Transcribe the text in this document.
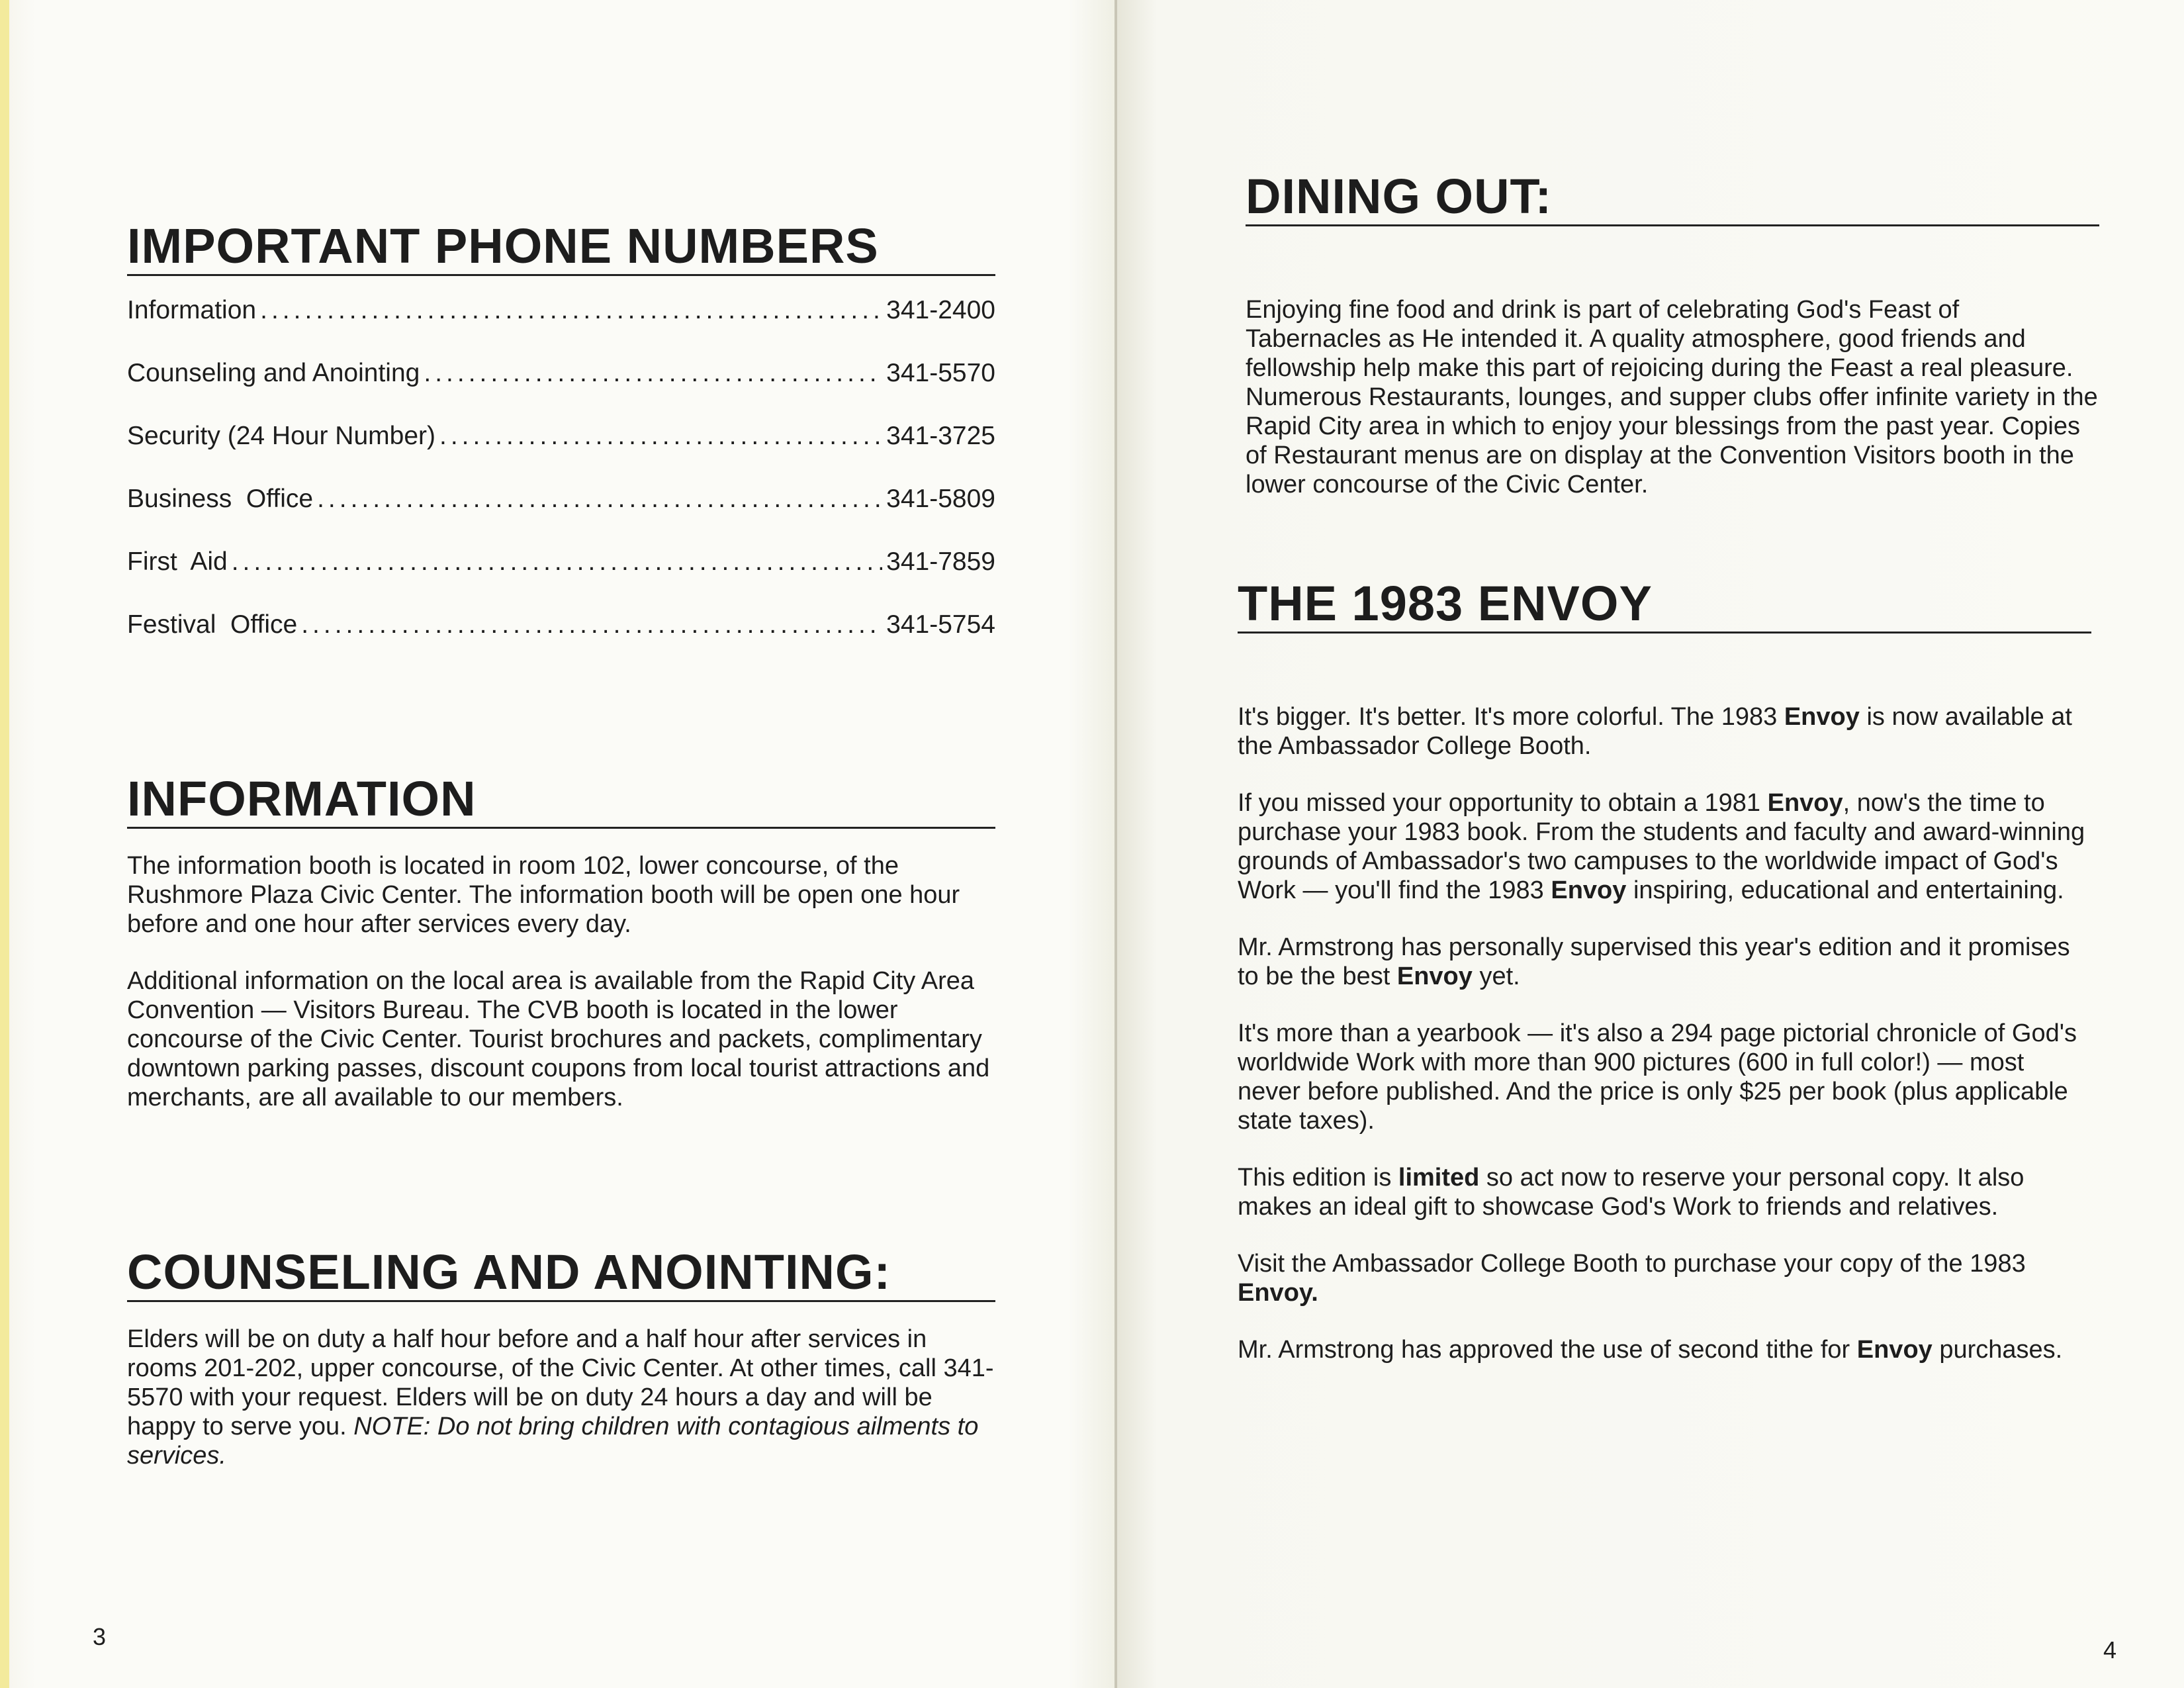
IMPORTANT PHONE NUMBERS
Information .....	341-2400
Counseling and Anointing .....	341-5570
Security (24 Hour Number) .....	341-3725
Business  Office .....	341-5809
First  Aid .....	341-7859
Festival  Office .....	341-5754
INFORMATION

The information booth is located in room 102, lower concourse, of the Rushmore Plaza Civic Center. The information booth will be open one hour before and one hour after services every day.

Additional information on the local area is available from the Rapid City Area Convention — Visitors Bureau. The CVB booth is located in the lower concourse of the Civic Center. Tourist brochures and packets, complimentary downtown parking passes, discount coupons from local tourist attractions and merchants, are all available to our members.

COUNSELING AND ANOINTING:

Elders will be on duty a half hour before and a half hour after services in rooms 201-202, upper concourse, of the Civic Center. At other times, call 341-5570 with your request. Elders will be on duty 24 hours a day and will be happy to serve you. NOTE: Do not bring children with contagious ailments to services.

3
DINING OUT:

Enjoying fine food and drink is part of celebrating God's Feast of Tabernacles as He intended it. A quality atmosphere, good friends and fellowship help make this part of rejoicing during the Feast a real pleasure. Numerous Restaurants, lounges, and supper clubs offer infinite variety in the Rapid City area in which to enjoy your blessings from the past year. Copies of Restaurant menus are on display at the Convention Visitors booth in the lower concourse of the Civic Center.

THE 1983 ENVOY

It's bigger. It's better. It's more colorful. The 1983 Envoy is now available at the Ambassador College Booth.

If you missed your opportunity to obtain a 1981 Envoy, now's the time to purchase your 1983 book. From the students and faculty and award-winning grounds of Ambassador's two campuses to the worldwide impact of God's Work — you'll find the 1983 Envoy inspiring, educational and entertaining.

Mr. Armstrong has personally supervised this year's edition and it promises to be the best Envoy yet.

It's more than a yearbook — it's also a 294 page pictorial chronicle of God's worldwide Work with more than 900 pictures (600 in full color!) — most never before published. And the price is only $25 per book (plus applicable state taxes).

This edition is limited so act now to reserve your personal copy. It also makes an ideal gift to showcase God's Work to friends and relatives.

Visit the Ambassador College Booth to purchase your copy of the 1983 Envoy.

Mr. Armstrong has approved the use of second tithe for Envoy purchases.

4
